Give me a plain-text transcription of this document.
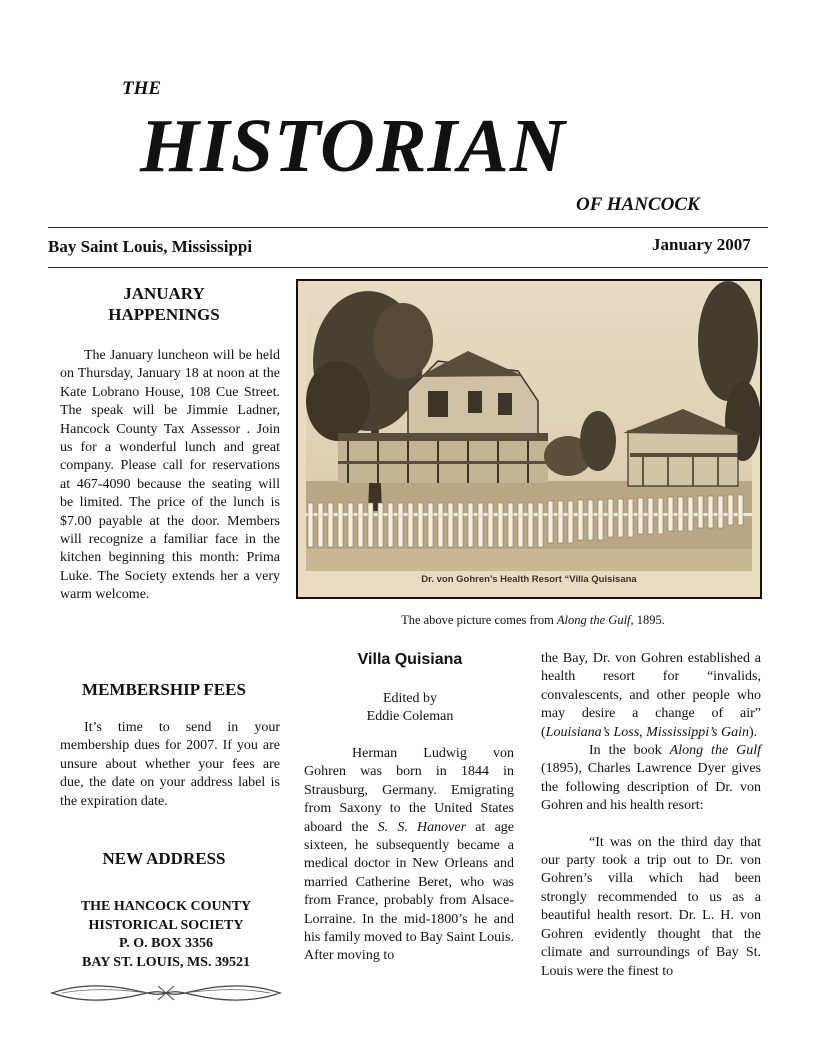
THE
HISTORIAN
OF HANCOCK
Bay Saint Louis, Mississippi	January 2007
JANUARY
HAPPENINGS

The January luncheon will be held on Thursday, January 18 at noon at the Kate Lobrano House, 108 Cue Street. The speak will be Jimmie Ladner, Hancock County Tax Assessor . Join us for a wonderful lunch and great company. Please call for reservations at 467-4090 because the seating will be limited. The price of the lunch is $7.00 payable at the door. Members will recognize a familiar face in the kitchen beginning this month: Prima Luke. The Society extends her a very warm welcome.

MEMBERSHIP FEES

It’s time to send in your membership dues for 2007. If you are unsure about whether your fees are due, the date on your address label is the expiration date.

NEW ADDRESS
THE HANCOCK COUNTY
HISTORICAL SOCIETY
P. O. BOX 3356
BAY ST. LOUIS, MS. 39521
Dr. von Gohren’s Health Resort “Villa Quisisana
The above picture comes from Along the Gulf, 1895.
Villa Quisiana
Edited by
Eddie Coleman

Herman Ludwig von Gohren was born in 1844 in Strausburg, Germany. Emigrating from Saxony to the United States aboard the S. S. Hanover at age sixteen, he subsequently became a medical doctor in New Orleans and married Catherine Beret, who was from France, probably from Alsace-Lorraine. In the mid-1800’s he and his family moved to Bay Saint Louis. After moving to

the Bay, Dr. von Gohren established a health resort for “invalids, convalescents, and other people who may desire a change of air” (Louisiana’s Loss, Mississippi’s Gain).

In the book Along the Gulf (1895), Charles Lawrence Dyer gives the following description of Dr. von Gohren and his health resort:

“It was on the third day that our party took a trip out to Dr. von Gohren’s villa which had been strongly recommended to us as a beautiful health resort. Dr. L. H. von Gohren evidently thought that the climate and surroundings of Bay St. Louis were the finest to
